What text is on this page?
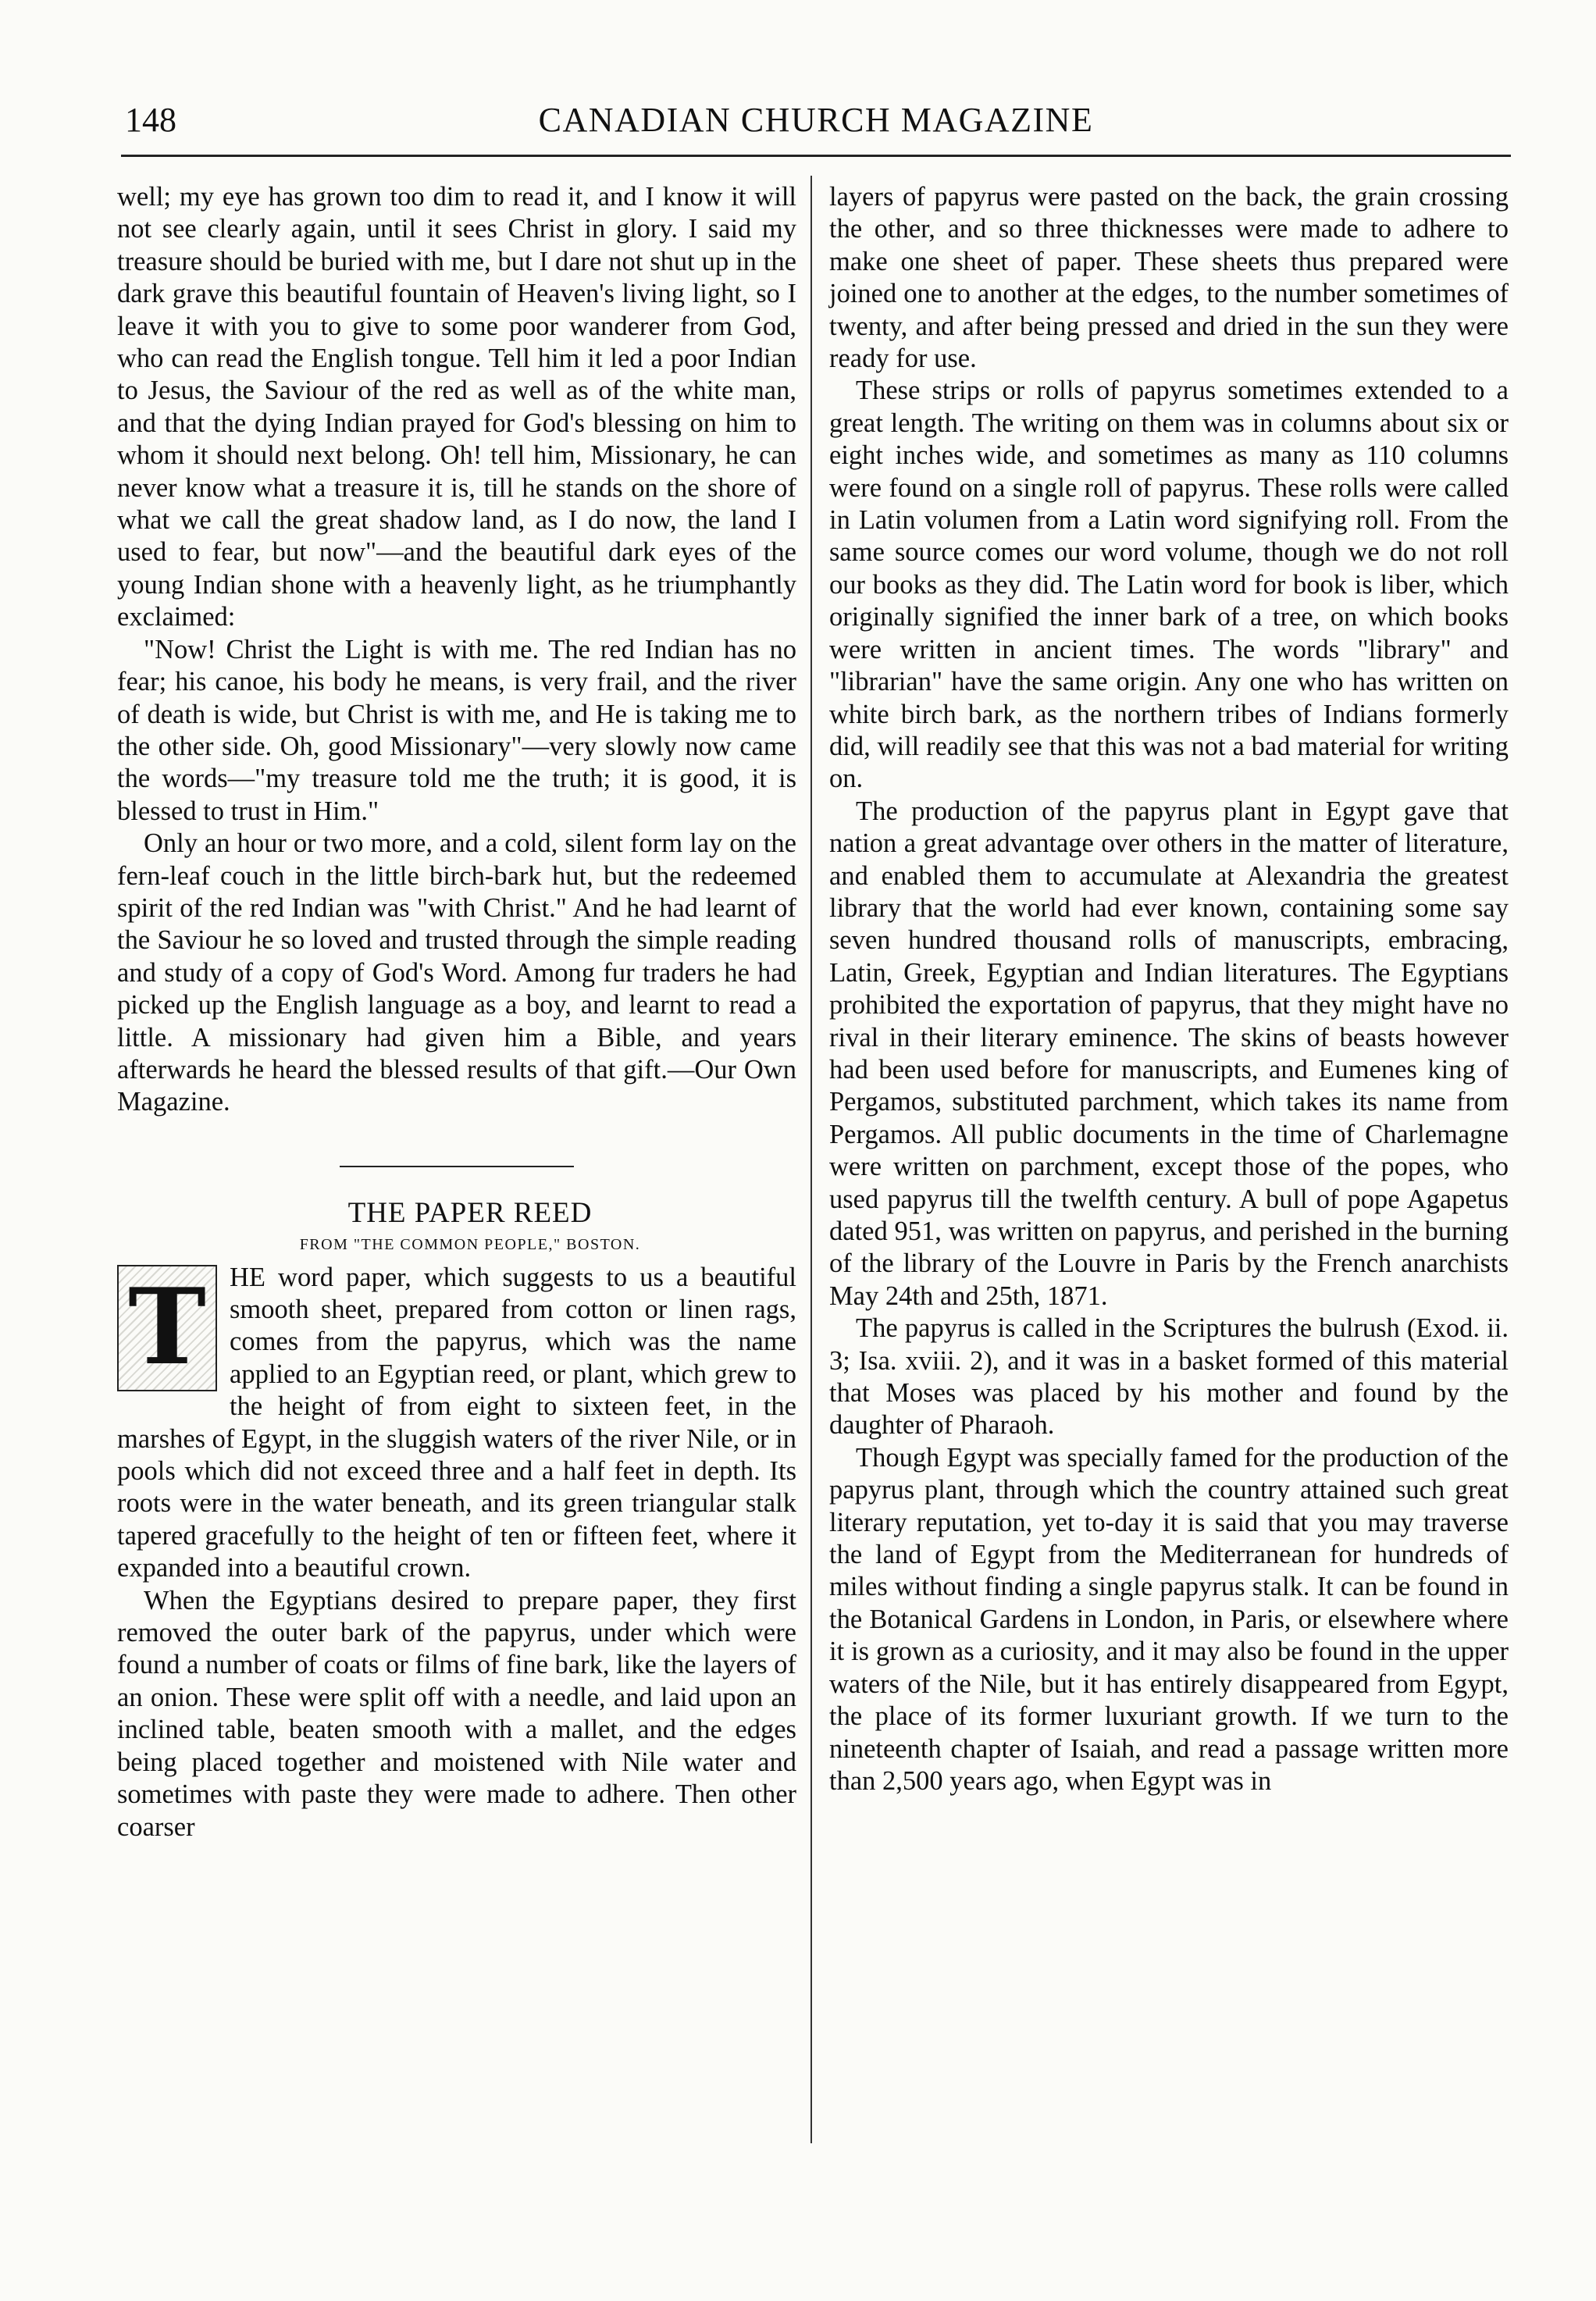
148	CANADIAN CHURCH MAGAZINE

well; my eye has grown too dim to read it, and I know it will not see clearly again, until it sees Christ in glory. I said my treasure should be buried with me, but I dare not shut up in the dark grave this beautiful fountain of Heaven's living light, so I leave it with you to give to some poor wanderer from God, who can read the English tongue. Tell him it led a poor Indian to Jesus, the Saviour of the red as well as of the white man, and that the dying Indian prayed for God's blessing on him to whom it should next belong. Oh! tell him, Missionary, he can never know what a treasure it is, till he stands on the shore of what we call the great shadow land, as I do now, the land I used to fear, but now"—and the beautiful dark eyes of the young Indian shone with a heavenly light, as he triumphantly exclaimed:

"Now! Christ the Light is with me. The red Indian has no fear; his canoe, his body he means, is very frail, and the river of death is wide, but Christ is with me, and He is taking me to the other side. Oh, good Missionary"—very slowly now came the words—"my treasure told me the truth; it is good, it is blessed to trust in Him."

Only an hour or two more, and a cold, silent form lay on the fern-leaf couch in the little birch-bark hut, but the redeemed spirit of the red Indian was "with Christ." And he had learnt of the Saviour he so loved and trusted through the simple reading and study of a copy of God's Word. Among fur traders he had picked up the English language as a boy, and learnt to read a little. A missionary had given him a Bible, and years afterwards he heard the blessed results of that gift.—Our Own Magazine.

THE PAPER REED

FROM "THE COMMON PEOPLE," BOSTON.

T HE word paper, which suggests to us a beautiful smooth sheet, prepared from cotton or linen rags, comes from the papyrus, which was the name applied to an Egyptian reed, or plant, which grew to the height of from eight to sixteen feet, in the marshes of Egypt, in the sluggish waters of the river Nile, or in pools which did not exceed three and a half feet in depth. Its roots were in the water beneath, and its green triangular stalk tapered gracefully to the height of ten or fifteen feet, where it expanded into a beautiful crown.

When the Egyptians desired to prepare paper, they first removed the outer bark of the papyrus, under which were found a number of coats or films of fine bark, like the layers of an onion. These were split off with a needle, and laid upon an inclined table, beaten smooth with a mallet, and the edges being placed together and moistened with Nile water and sometimes with paste they were made to adhere. Then other coarser

layers of papyrus were pasted on the back, the grain crossing the other, and so three thicknesses were made to adhere to make one sheet of paper. These sheets thus prepared were joined one to another at the edges, to the number sometimes of twenty, and after being pressed and dried in the sun they were ready for use.

These strips or rolls of papyrus sometimes extended to a great length. The writing on them was in columns about six or eight inches wide, and sometimes as many as 110 columns were found on a single roll of papyrus. These rolls were called in Latin volumen from a Latin word signifying roll. From the same source comes our word volume, though we do not roll our books as they did. The Latin word for book is liber, which originally signified the inner bark of a tree, on which books were written in ancient times. The words "library" and "librarian" have the same origin. Any one who has written on white birch bark, as the northern tribes of Indians formerly did, will readily see that this was not a bad material for writing on.

The production of the papyrus plant in Egypt gave that nation a great advantage over others in the matter of literature, and enabled them to accumulate at Alexandria the greatest library that the world had ever known, containing some say seven hundred thousand rolls of manuscripts, embracing, Latin, Greek, Egyptian and Indian literatures. The Egyptians prohibited the exportation of papyrus, that they might have no rival in their literary eminence. The skins of beasts however had been used before for manuscripts, and Eumenes king of Pergamos, substituted parchment, which takes its name from Pergamos. All public documents in the time of Charlemagne were written on parchment, except those of the popes, who used papyrus till the twelfth century. A bull of pope Agapetus dated 951, was written on papyrus, and perished in the burning of the library of the Louvre in Paris by the French anarchists May 24th and 25th, 1871.

The papyrus is called in the Scriptures the bulrush (Exod. ii. 3; Isa. xviii. 2), and it was in a basket formed of this material that Moses was placed by his mother and found by the daughter of Pharaoh.

Though Egypt was specially famed for the production of the papyrus plant, through which the country attained such great literary reputation, yet to-day it is said that you may traverse the land of Egypt from the Mediterranean for hundreds of miles without finding a single papyrus stalk. It can be found in the Botanical Gardens in London, in Paris, or elsewhere where it is grown as a curiosity, and it may also be found in the upper waters of the Nile, but it has entirely disappeared from Egypt, the place of its former luxuriant growth. If we turn to the nineteenth chapter of Isaiah, and read a passage written more than 2,500 years ago, when Egypt was in
